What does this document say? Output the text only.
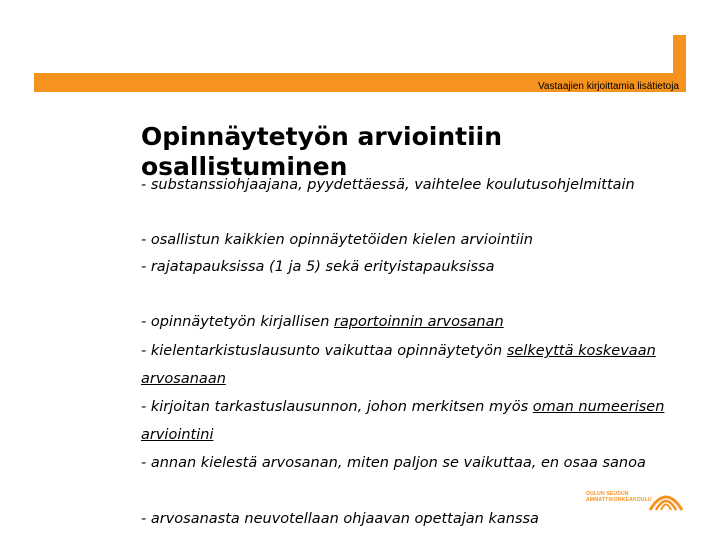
oamk.fi
Vastaajien kirjoittamia lisätietoja
Opinnäytetyön arviointiin
osallistuminen
- substanssiohjaajana, pyydettäessä, vaihtelee koulutusohjelmittain
- osallistun kaikkien opinnäytetöiden kielen arviointiin
- rajatapauksissa (1 ja 5) sekä erityistapauksissa
- opinnäytetyön kirjallisen raportoinnin arvosanan
- kielentarkistuslausunto vaikuttaa opinnäytetyön selkeyttä koskevaan
arvosanaan
- kirjoitan tarkastuslausunnon, johon merkitsen myös oman numeerisen
arviointini
- annan kielestä arvosanan, miten paljon se vaikuttaa, en osaa sanoa
- arvosanasta neuvotellaan ohjaavan opettajan kanssa
OULUN SEUDUN
AMMATTIKORKEAKOULU
